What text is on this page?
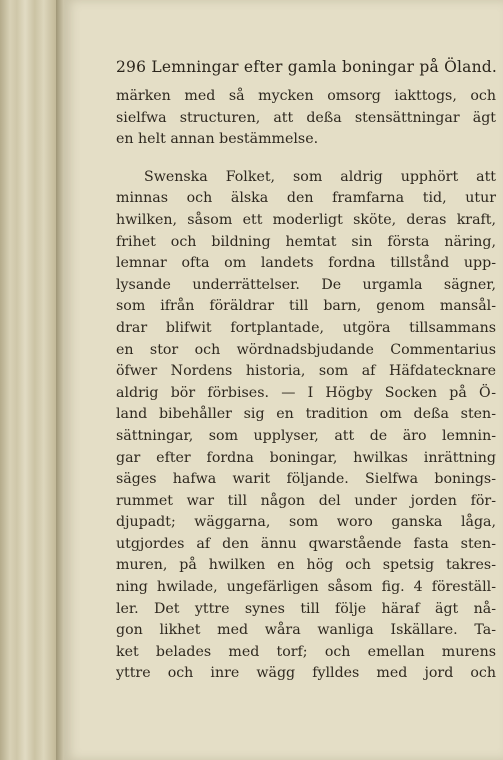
296 Lemningar efter gamla boningar på Öland.
märken med så mycken omsorg iakttogs, och
sielfwa structuren, att deßa stensättningar ägt
en helt annan bestämmelse.
Swenska Folket, som aldrig upphört att
minnas och älska den framfarna tid, utur
hwilken, såsom ett moderligt sköte, deras kraft,
frihet och bildning hemtat sin första näring,
lemnar ofta om landets fordna tillstånd upp-
lysande underrättelser. De urgamla sägner,
som ifrån föräldrar till barn, genom mansål-
drar blifwit fortplantade, utgöra tillsammans
en stor och wördnadsbjudande Commentarius
öfwer Nordens historia, som af Häfdatecknare
aldrig bör förbises. — I Högby Socken på Ö-
land bibehåller sig en tradition om deßa sten-
sättningar, som upplyser, att de äro lemnin-
gar efter fordna boningar, hwilkas inrättning
säges hafwa warit följande. Sielfwa bonings-
rummet war till någon del under jorden för-
djupadt; wäggarna, som woro ganska låga,
utgjordes af den ännu qwarstående fasta sten-
muren, på hwilken en hög och spetsig takres-
ning hwilade, ungefärligen såsom fig. 4 föreställ-
ler. Det yttre synes till följe häraf ägt nå-
gon likhet med wåra wanliga Iskällare. Ta-
ket belades med torf; och emellan murens
yttre och inre wägg fylldes med jord och
